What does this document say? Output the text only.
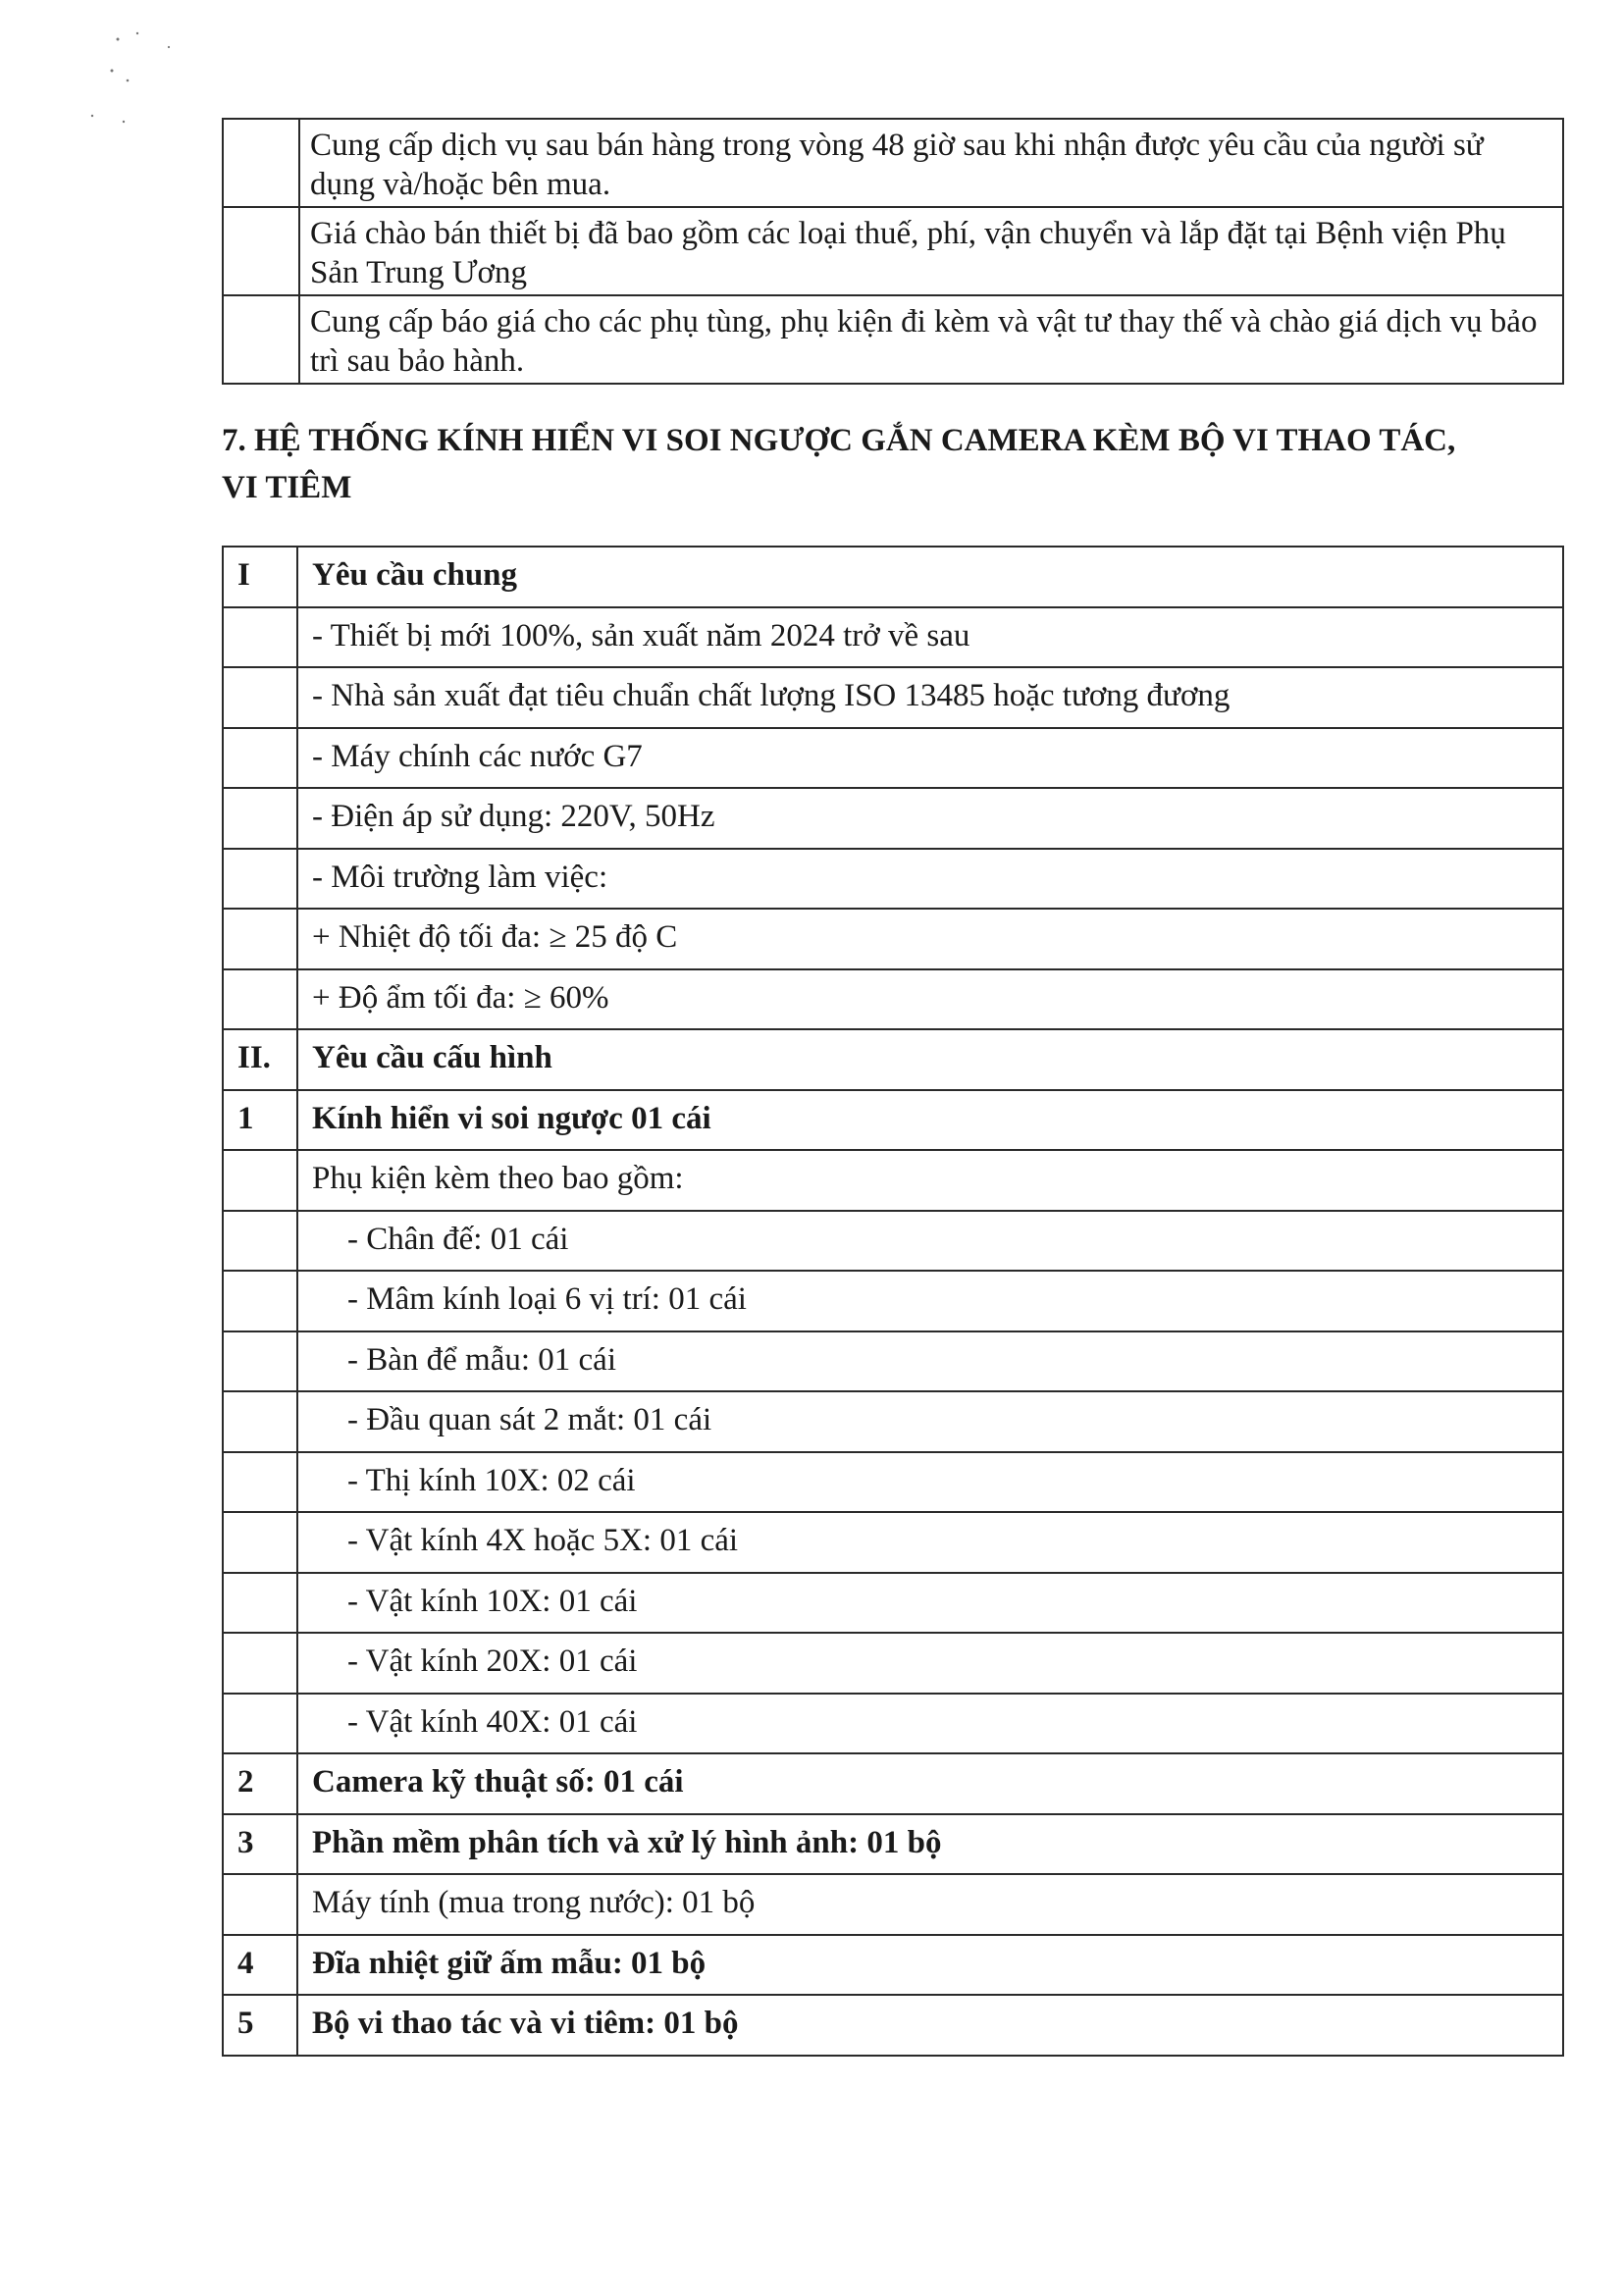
	Cung cấp dịch vụ sau bán hàng trong vòng 48 giờ sau khi nhận được yêu cầu của người sử dụng và/hoặc bên mua.
	Giá chào bán thiết bị đã bao gồm các loại thuế, phí, vận chuyển và lắp đặt tại Bệnh viện Phụ Sản Trung Ương
	Cung cấp báo giá cho các phụ tùng, phụ kiện đi kèm và vật tư thay thế và chào giá dịch vụ bảo trì sau bảo hành.
7. HỆ THỐNG KÍNH HIỂN VI SOI NGƯỢC GẮN CAMERA KÈM BỘ VI THAO TÁC, VI TIÊM
I	Yêu cầu chung
	- Thiết bị mới 100%, sản xuất năm 2024 trở về sau
	- Nhà sản xuất đạt tiêu chuẩn chất lượng ISO 13485 hoặc tương đương
	- Máy chính các nước G7
	- Điện áp sử dụng: 220V, 50Hz
	- Môi trường làm việc:
	+ Nhiệt độ tối đa: ≥ 25 độ C
	+ Độ ẩm tối đa: ≥ 60%
II.	Yêu cầu cấu hình
1	Kính hiển vi soi ngược 01 cái
	Phụ kiện kèm theo bao gồm:
	- Chân đế: 01 cái
	- Mâm kính loại 6 vị trí: 01 cái
	- Bàn để mẫu: 01 cái
	- Đầu quan sát 2 mắt: 01 cái
	- Thị kính 10X: 02 cái
	- Vật kính 4X hoặc 5X: 01 cái
	- Vật kính 10X: 01 cái
	- Vật kính 20X: 01 cái
	- Vật kính 40X: 01 cái
2	Camera kỹ thuật số: 01 cái
3	Phần mềm phân tích và xử lý hình ảnh: 01 bộ
	Máy tính (mua trong nước): 01 bộ
4	Đĩa nhiệt giữ ấm mẫu: 01 bộ
5	Bộ vi thao tác và vi tiêm: 01 bộ
